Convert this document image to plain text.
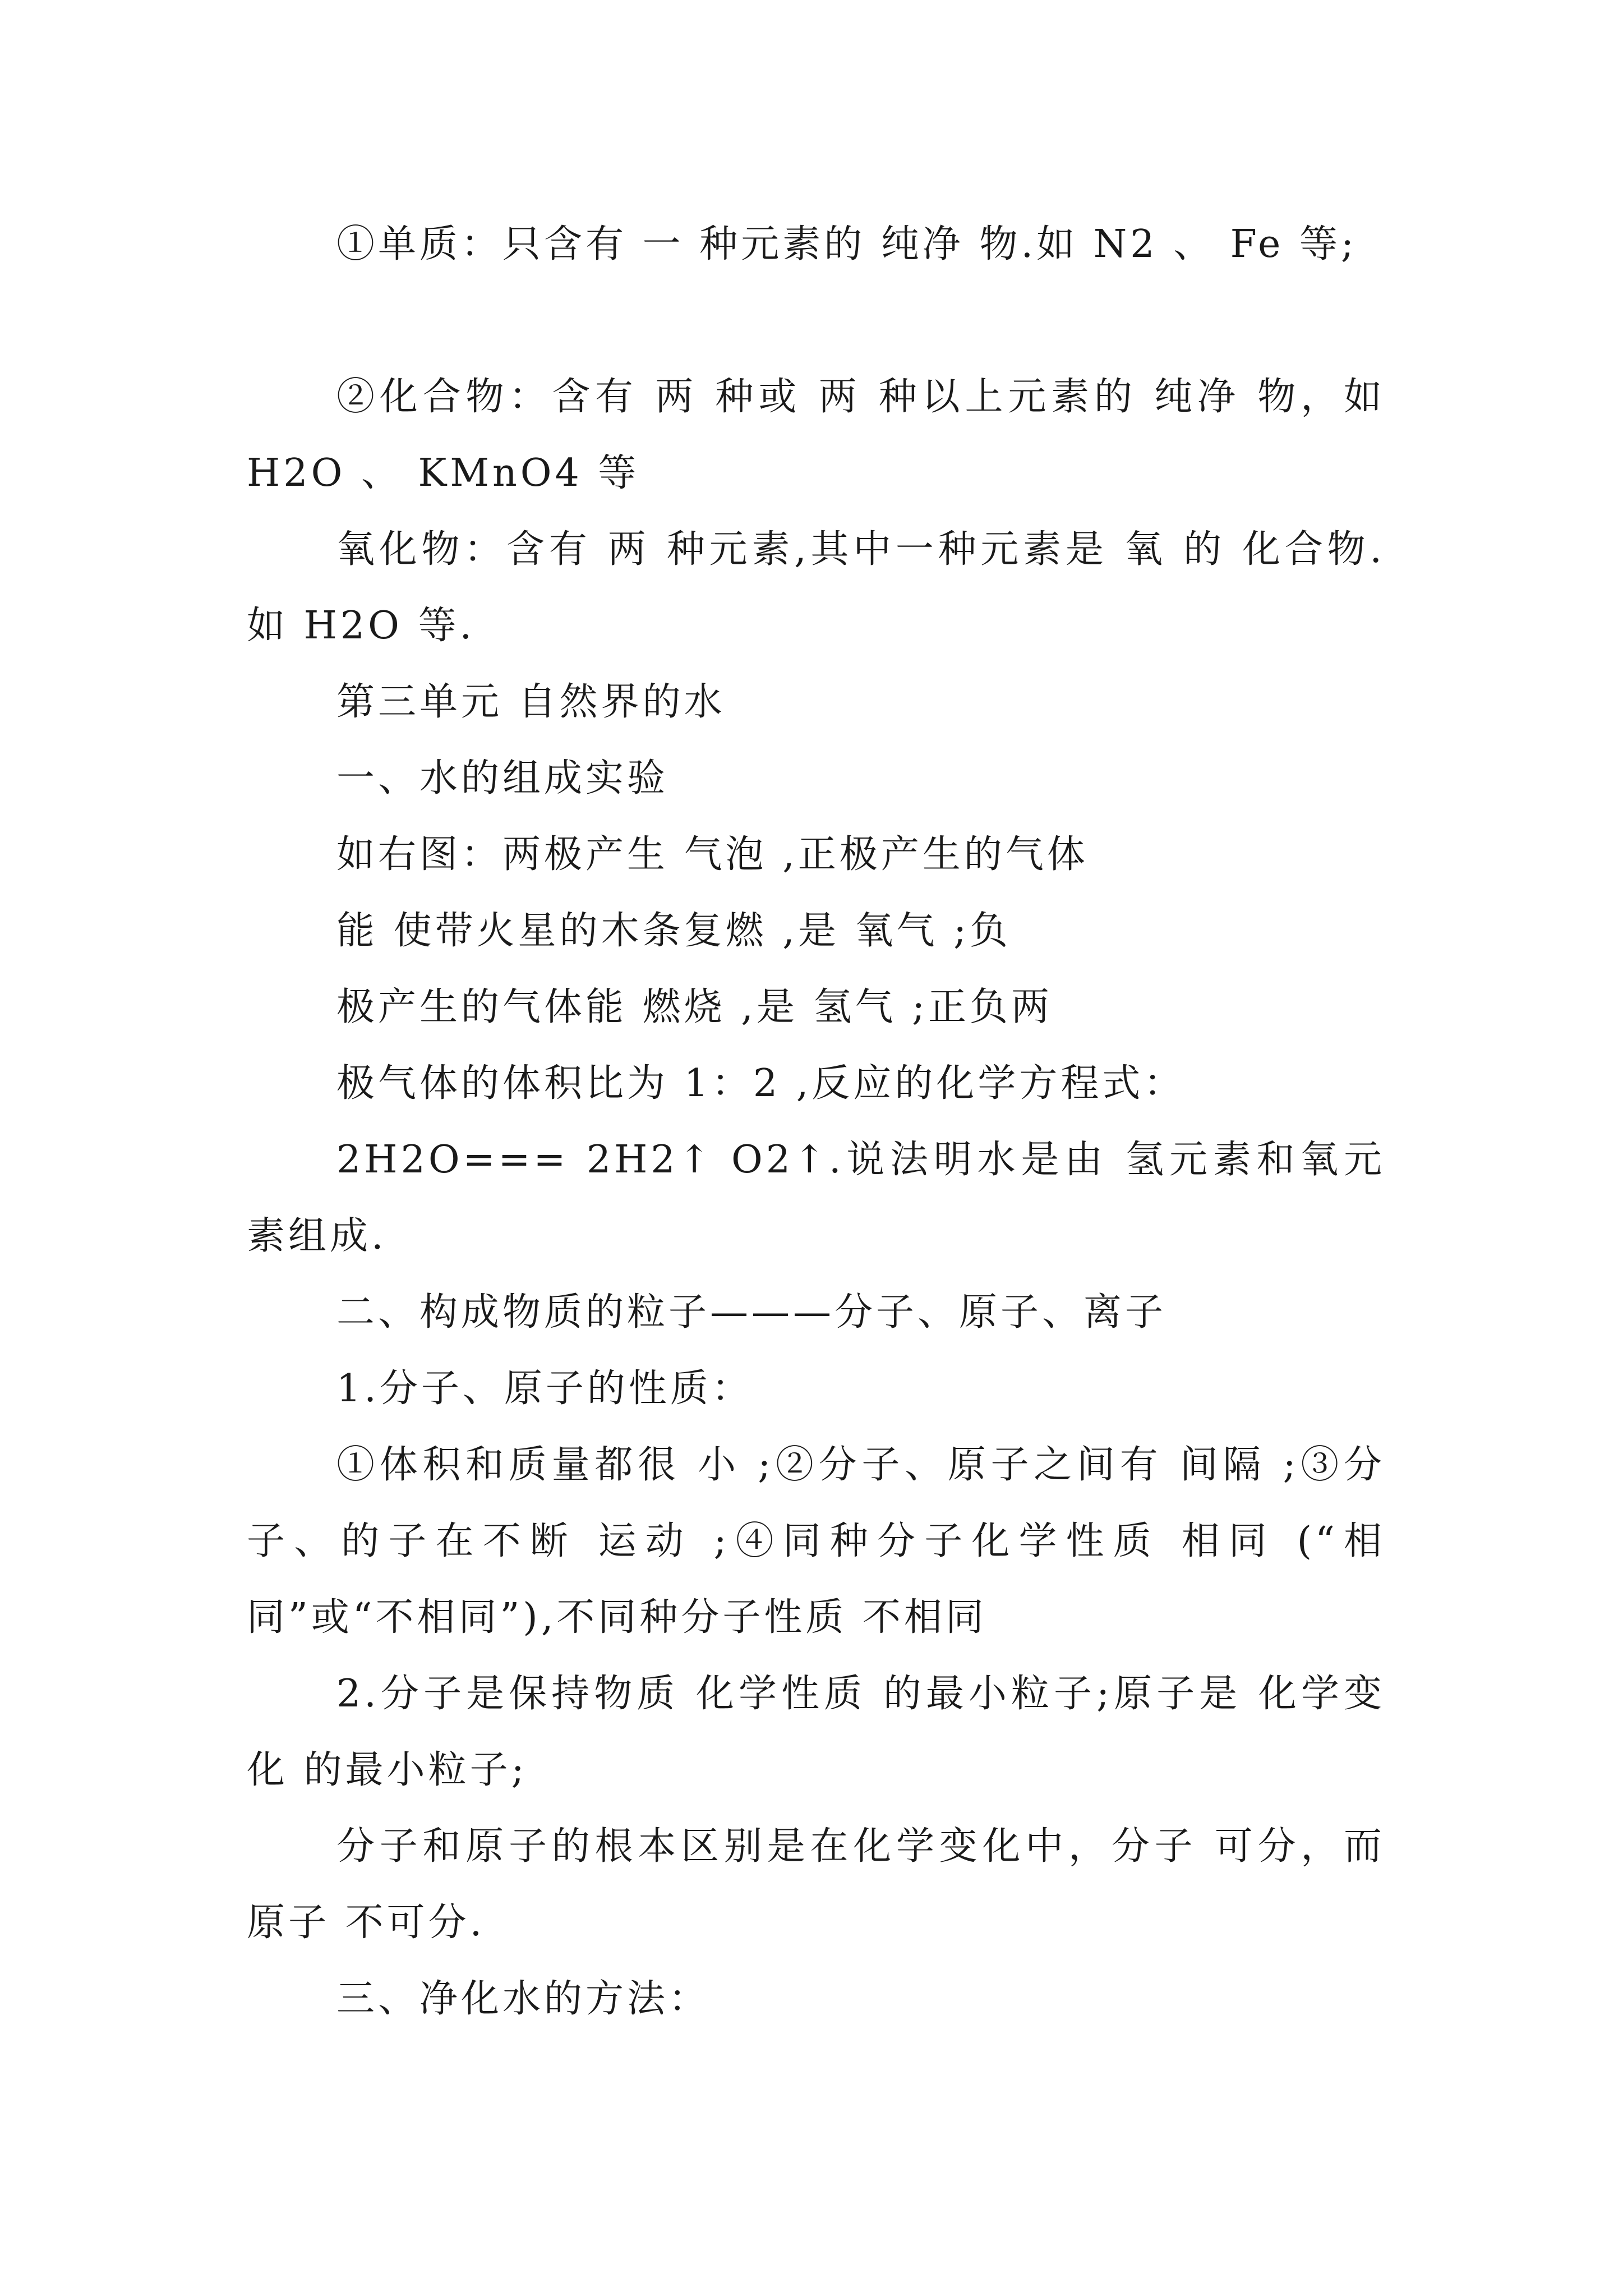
①单质：只含有 一 种元素的 纯净 物.如 N2 、 Fe 等;

②化合物：含有 两 种或 两 种以上元素的 纯净 物，如 H2O 、 KMnO4 等

氧化物：含有 两 种元素,其中一种元素是 氧 的 化合物.如 H2O 等.

第三单元 自然界的水

一、水的组成实验

如右图：两极产生 气泡 ,正极产生的气体

能 使带火星的木条复燃 ,是 氧气 ;负

极产生的气体能 燃烧 ,是 氢气 ;正负两

极气体的体积比为 1：2 ,反应的化学方程式：

2H2O=== 2H2↑ O2↑.说法明水是由 氢元素和氧元素组成.

二、构成物质的粒子———分子、原子、离子

1.分子、原子的性质：

①体积和质量都很 小 ;②分子、原子之间有 间隔 ;③分子、的子在不断 运动 ;④同种分子化学性质 相同 (“相同”或“不相同”),不同种分子性质 不相同

2.分子是保持物质 化学性质 的最小粒子;原子是 化学变化 的最小粒子;

分子和原子的根本区别是在化学变化中，分子 可分，而 原子 不可分.

三、净化水的方法：
